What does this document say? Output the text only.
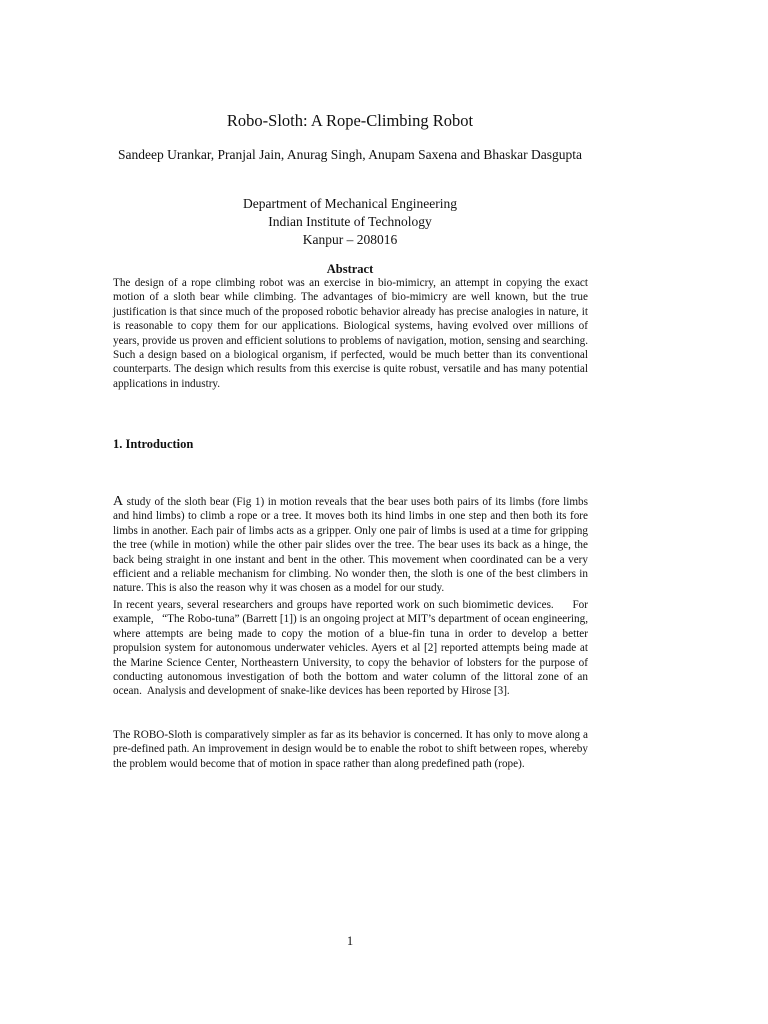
Robo-Sloth: A Rope-Climbing Robot
Sandeep Urankar, Pranjal Jain, Anurag Singh, Anupam Saxena and Bhaskar Dasgupta
Department of Mechanical Engineering
Indian Institute of Technology
Kanpur – 208016
Abstract

The design of a rope climbing robot was an exercise in bio-mimicry, an attempt in copying the exact motion of a sloth bear while climbing. The advantages of bio-mimicry are well known, but the true justification is that since much of the proposed robotic behavior already has precise analogies in nature, it is reasonable to copy them for our applications. Biological systems, having evolved over millions of years, provide us proven and efficient solutions to problems of navigation, motion, sensing and searching. Such a design based on a biological organism, if perfected, would be much better than its conventional counterparts. The design which results from this exercise is quite robust, versatile and has many potential applications in industry.

1. Introduction

A study of the sloth bear (Fig 1) in motion reveals that the bear uses both pairs of its limbs (fore limbs and hind limbs) to climb a rope or a tree. It moves both its hind limbs in one step and then both its fore limbs in another. Each pair of limbs acts as a gripper. Only one pair of limbs is used at a time for gripping the tree (while in motion) while the other pair slides over the tree. The bear uses its back as a hinge, the back being straight in one instant and bent in the other. This movement when coordinated can be a very efficient and a reliable mechanism for climbing. No wonder then, the sloth is one of the best climbers in nature. This is also the reason why it was chosen as a model for our study.

In recent years, several researchers and groups have reported work on such biomimetic devices.     For example,   “The Robo-tuna” (Barrett [1]) is an ongoing project at MIT’s department of ocean engineering, where attempts are being made to copy the motion of a blue-fin tuna in order to develop a better propulsion system for autonomous underwater vehicles. Ayers et al [2] reported attempts being made at the Marine Science Center, Northeastern University, to copy the behavior of lobsters for the purpose of conducting autonomous investigation of both the bottom and water column of the littoral zone of an ocean.  Analysis and development of snake-like devices has been reported by Hirose [3].

The ROBO-Sloth is comparatively simpler as far as its behavior is concerned. It has only to move along a pre-defined path. An improvement in design would be to enable the robot to shift between ropes, whereby the problem would become that of motion in space rather than along predefined path (rope).

1
